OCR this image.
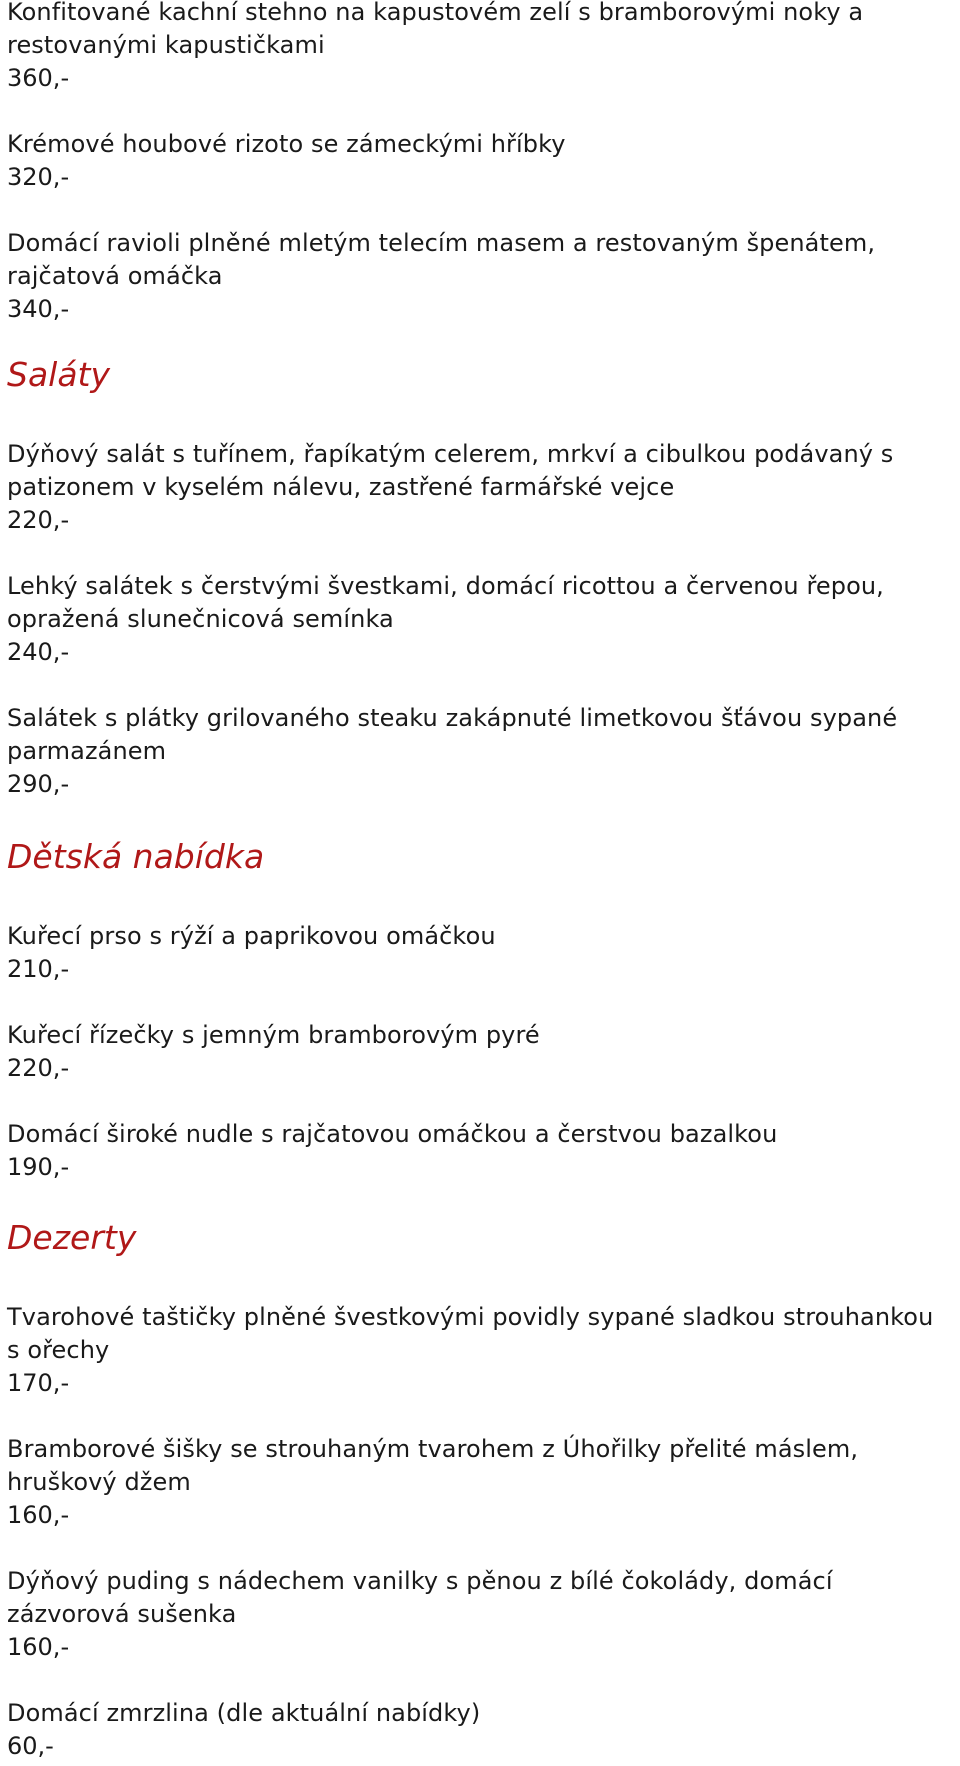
Konfitované kachní stehno na kapustovém zelí s bramborovými noky a restovanými kapustičkami
360,-
Krémové houbové rizoto se zámeckými hříbky
320,-
Domácí ravioli plněné mletým telecím masem a restovaným špenátem, rajčatová omáčka
340,-
Saláty
Dýňový salát s tuřínem, řapíkatým celerem, mrkví a cibulkou podávaný s patizonem v kyselém nálevu, zastřené farmářské vejce
220,-
Lehký salátek s čerstvými švestkami, domácí ricottou a červenou řepou, opražená slunečnicová semínka
240,-
Salátek s plátky grilovaného steaku zakápnuté limetkovou šťávou sypané parmazánem
290,-
Dětská nabídka
Kuřecí prso s rýží a paprikovou omáčkou
210,-
Kuřecí řízečky s jemným bramborovým pyré
220,-
Domácí široké nudle s rajčatovou omáčkou a čerstvou bazalkou
190,-
Dezerty
Tvarohové taštičky plněné švestkovými povidly sypané sladkou strouhankou s ořechy
170,-
Bramborové šišky se strouhaným tvarohem z Úhořilky přelité máslem, hruškový džem
160,-
Dýňový puding s nádechem vanilky s pěnou z bílé čokolády, domácí zázvorová sušenka
160,-
Domácí zmrzlina (dle aktuální nabídky)
60,-
